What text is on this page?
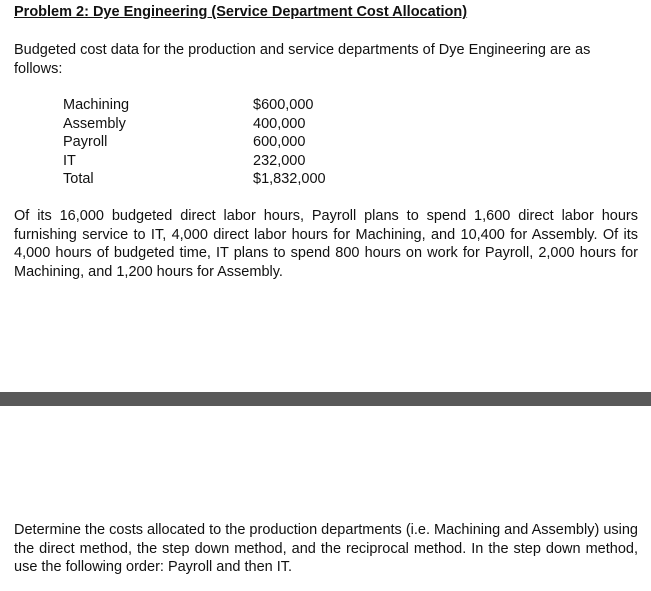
Problem 2: Dye Engineering (Service Department Cost Allocation)

Budgeted cost data for the production and service departments of Dye Engineering are as follows:

Machining	$600,000
Assembly	400,000
Payroll	600,000
IT	232,000
Total	$1,832,000

Of its 16,000 budgeted direct labor hours, Payroll plans to spend 1,600 direct labor hours furnishing service to IT, 4,000 direct labor hours for Machining, and 10,400 for Assembly. Of its 4,000 hours of budgeted time, IT plans to spend 800 hours on work for Payroll, 2,000 hours for Machining, and 1,200 hours for Assembly.

Determine the costs allocated to the production departments (i.e. Machining and Assembly) using the direct method, the step down method, and the reciprocal method. In the step down method, use the following order: Payroll and then IT.
